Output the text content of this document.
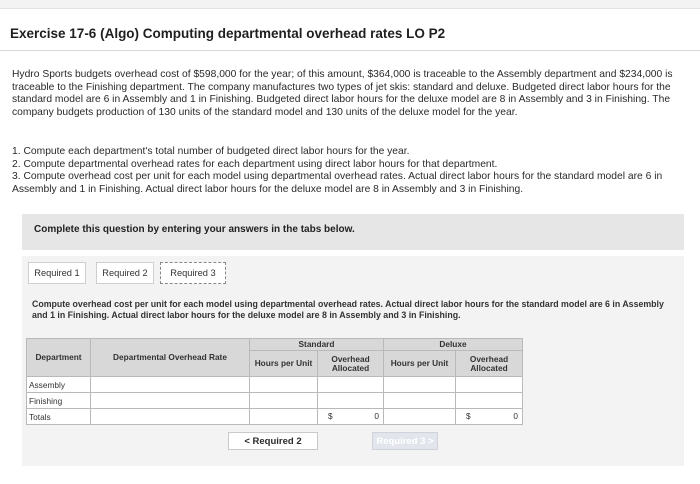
Exercise 17-6 (Algo) Computing departmental overhead rates LO P2
Hydro Sports budgets overhead cost of $598,000 for the year; of this amount, $364,000 is traceable to the Assembly department and $234,000 is traceable to the Finishing department. The company manufactures two types of jet skis: standard and deluxe. Budgeted direct labor hours for the standard model are 6 in Assembly and 1 in Finishing. Budgeted direct labor hours for the deluxe model are 8 in Assembly and 3 in Finishing. The company budgets production of 130 units of the standard model and 130 units of the deluxe model for the year.
1. Compute each department's total number of budgeted direct labor hours for the year.
2. Compute departmental overhead rates for each department using direct labor hours for that department.
3. Compute overhead cost per unit for each model using departmental overhead rates. Actual direct labor hours for the standard model are 6 in Assembly and 1 in Finishing. Actual direct labor hours for the deluxe model are 8 in Assembly and 3 in Finishing.
Complete this question by entering your answers in the tabs below.
Required 1	Required 2	Required 3
Compute overhead cost per unit for each model using departmental overhead rates. Actual direct labor hours for the standard model are 6 in Assembly and 1 in Finishing. Actual direct labor hours for the deluxe model are 8 in Assembly and 3 in Finishing.
Department	Departmental Overhead Rate	Standard		Deluxe	
		Hours per Unit	Overhead Allocated	Hours per Unit	Overhead Allocated
Assembly	

Finishing	

Totals			$ 0		$ 0
< Required 2	Required 3 >
